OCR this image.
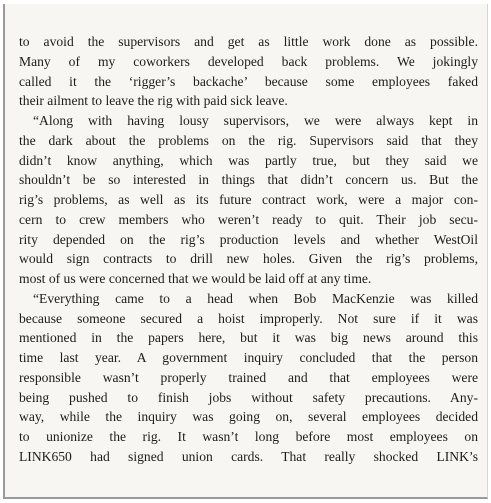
to avoid the supervisors and get as little work done as possible.
Many of my coworkers developed back problems. We jokingly
called it the ‘rigger’s backache’ because some employees faked
their ailment to leave the rig with paid sick leave.
“Along with having lousy supervisors, we were always kept in
the dark about the problems on the rig. Supervisors said that they
didn’t know anything, which was partly true, but they said we
shouldn’t be so interested in things that didn’t concern us. But the
rig’s problems, as well as its future contract work, were a major con-
cern to crew members who weren’t ready to quit. Their job secu-
rity depended on the rig’s production levels and whether WestOil
would sign contracts to drill new holes. Given the rig’s problems,
most of us were concerned that we would be laid off at any time.
“Everything came to a head when Bob MacKenzie was killed
because someone secured a hoist improperly. Not sure if it was
mentioned in the papers here, but it was big news around this
time last year. A government inquiry concluded that the person
responsible wasn’t properly trained and that employees were
being pushed to finish jobs without safety precautions. Any-
way, while the inquiry was going on, several employees decided
to unionize the rig. It wasn’t long before most employees on
LINK650 had signed union cards. That really shocked LINK’s
